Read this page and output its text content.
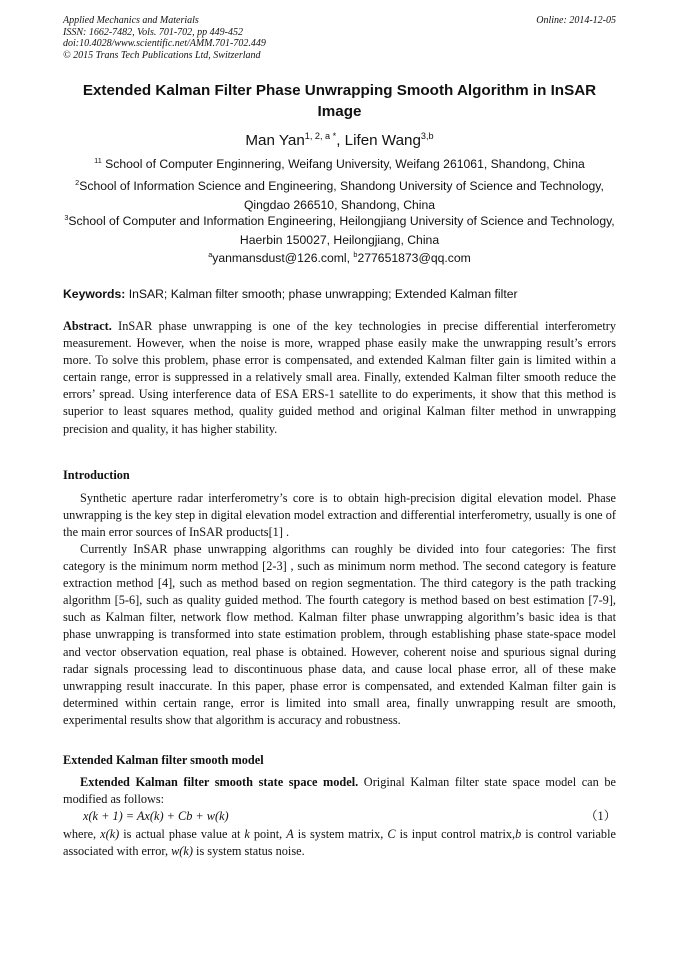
Applied Mechanics and Materials
ISSN: 1662-7482, Vols. 701-702, pp 449-452
doi:10.4028/www.scientific.net/AMM.701-702.449
© 2015 Trans Tech Publications Ltd, Switzerland
Online: 2014-12-05
Extended Kalman Filter Phase Unwrapping Smooth Algorithm in InSAR Image
Man Yan$^{1, 2, a *}$, Lifen Wang$^{3,b}$
$^{11}$ School of Computer Enginnering, Weifang University, Weifang 261061, Shandong, China
$^2$School of Information Science and Engineering, Shandong University of Science and Technology, Qingdao 266510, Shandong, China
$^3$School of Computer and Information Engineering, Heilongjiang University of Science and Technology, Haerbin 150027, Heilongjiang, China
$^a$yanmansdust@126.coml, $^b$277651873@qq.com
Keywords: InSAR; Kalman filter smooth; phase unwrapping; Extended Kalman filter

Abstract. InSAR phase unwrapping is one of the key technologies in precise differential interferometry measurement. However, when the noise is more, wrapped phase easily make the unwrapping result’s errors more. To solve this problem, phase error is compensated, and extended Kalman filter gain is limited within a certain range, error is suppressed in a relatively small area. Finally, extended Kalman filter smooth reduce the errors’ spread. Using interference data of ESA ERS-1 satellite to do experiments, it show that this method is superior to least squares method, quality guided method and original Kalman filter method in unwrapping precision and quality, it has higher stability.

Introduction

Synthetic aperture radar interferometry’s core is to obtain high-precision digital elevation model. Phase unwrapping is the key step in digital elevation model extraction and differential interferometry, usually is one of the main error sources of InSAR products[1] .

Currently InSAR phase unwrapping algorithms can roughly be divided into four categories: The first category is the minimum norm method [2-3] , such as minimum norm method. The second category is feature extraction method [4], such as method based on region segmentation. The third category is the path tracking algorithm [5-6], such as quality guided method. The fourth category is method based on best estimation [7-9], such as Kalman filter, network flow method. Kalman filter phase unwrapping algorithm’s basic idea is that phase unwrapping is transformed into state estimation problem, through establishing phase state-space model and vector observation equation, real phase is obtained. However, coherent noise and spurious signal during radar signals processing lead to discontinuous phase data, and cause local phase error, all of these make unwrapping result inaccurate. In this paper, phase error is compensated, and extended Kalman filter gain is determined within certain range, error is limited into small area, finally unwrapping result are smooth, experimental results show that algorithm is accuracy and robustness.

Extended Kalman filter smooth model

Extended Kalman filter smooth state space model. Original Kalman filter state space model can be modified as follows:

x(k + 1) = Ax(k) + Cb + w(k)	（1）

where, x(k) is actual phase value at k point, A is system matrix, C is input control matrix,b is control variable associated with error, w(k) is system status noise.
